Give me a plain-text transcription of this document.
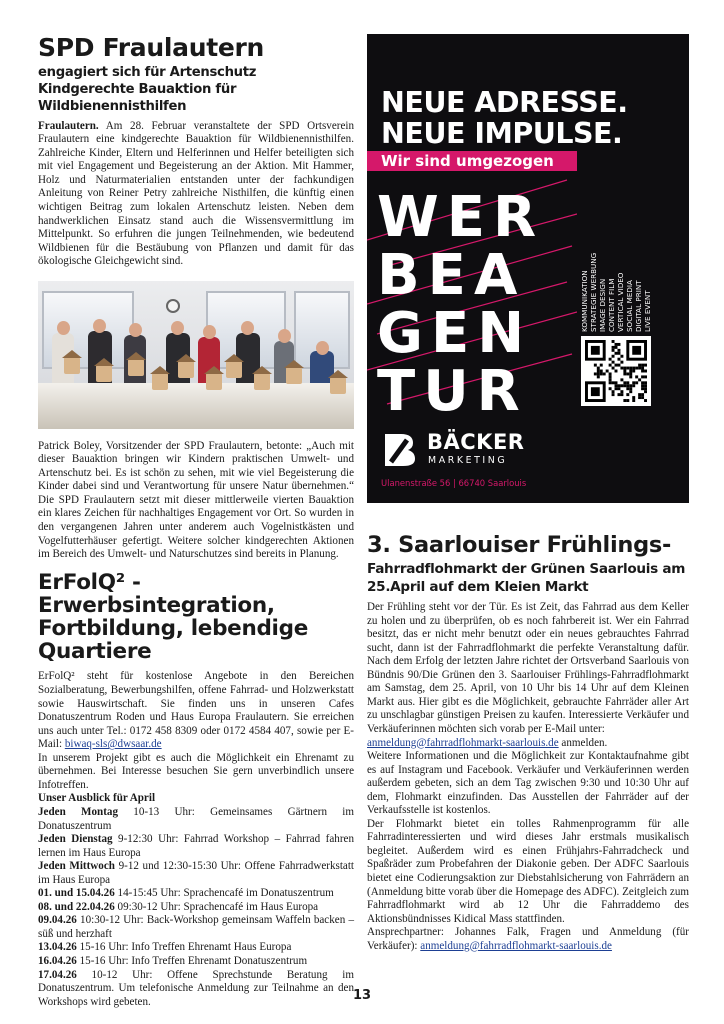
SPD Fraulautern
engagiert sich für Artenschutz
Kindgerechte Bauaktion für Wildbienennisthilfen
Fraulautern. Am 28. Februar veranstaltete der SPD Ortsverein Fraulautern eine kindgerechte Bauaktion für Wildbienennisthilfen. Zahlreiche Kinder, Eltern und Helferinnen und Helfer beteiligten sich mit viel Engagement und Begeisterung an der Aktion. Mit Hammer, Holz und Naturmaterialien entstanden unter der fachkundigen Anleitung von Reiner Petry zahlreiche Nisthilfen, die künftig einen wichtigen Beitrag zum lokalen Artenschutz leisten. Neben dem handwerklichen Einsatz stand auch die Wissensvermittlung im Mittelpunkt. So erfuhren die jungen Teilnehmenden, wie bedeutend Wildbienen für die Bestäubung von Pflanzen und damit für das ökologische Gleichgewicht sind.
Patrick Boley, Vorsitzender der SPD Fraulautern, betonte: „Auch mit dieser Bauaktion bringen wir Kindern praktischen Umwelt- und Artenschutz bei. Es ist schön zu sehen, mit wie viel Begeisterung die Kinder dabei sind und Verantwortung für unsere Natur übernehmen.“ Die SPD Fraulautern setzt mit dieser mittlerweile vierten Bauaktion ein klares Zeichen für nachhaltiges Engagement vor Ort. So wurden in den vergangenen Jahren unter anderem auch Vogelnistkästen und Vogelfutterhäuser gefertigt. Weitere solcher kindgerechten Aktionen im Bereich des Umwelt- und Naturschutzes sind bereits in Planung.
ErFolQ² - Erwerbsintegration,
Fortbildung, lebendige Quartiere

ErFolQ² steht für kostenlose Angebote in den Bereichen Sozialberatung, Bewerbungshilfen, offene Fahrrad- und Holzwerkstatt sowie Hauswirtschaft. Sie finden uns in unseren Cafes Donatuszentrum Roden und Haus Europa Fraulautern. Sie erreichen uns auch unter Tel.: 0172 458 8309 oder 0172 4584 407, sowie per E-Mail: biwaq-sls@dwsaar.de

In unserem Projekt gibt es auch die Möglichkeit ein Ehrenamt zu übernehmen. Bei Interesse besuchen Sie gern unverbindlich unsere Infotreffen.

Unser Ausblick für April

Jeden Montag 10-13 Uhr: Gemeinsames Gärtnern im Donatuszentrum

Jeden Dienstag 9-12:30 Uhr: Fahrrad Workshop – Fahrrad fahren lernen im Haus Europa

Jeden Mittwoch 9-12 und 12:30-15:30 Uhr: Offene Fahrradwerkstatt im Haus Europa

01. und 15.04.26 14-15:45 Uhr: Sprachencafé im Donatuszentrum

08. und 22.04.26 09:30-12 Uhr: Sprachencafé im Haus Europa

09.04.26 10:30-12 Uhr: Back-Workshop gemeinsam Waffeln backen – süß und herzhaft

13.04.26 15-16 Uhr: Info Treffen Ehrenamt Haus Europa

16.04.26 15-16 Uhr: Info Treffen Ehrenamt Donatuszentrum

17.04.26 10-12 Uhr: Offene Sprechstunde Beratung im Donatuszentrum. Um telefonische Anmeldung zur Teilnahme an den Workshops wird gebeten.

NEUE ADRESSE.
NEUE IMPULSE.
Wir sind umgezogen
WER
BEA
GEN
TUR
KOMMUNIKATION STRATEGIE WERBUNG IMAGE DESIGN CONTENT FILM VERTICAL VIDEO SOCIAL MEDIA DIGITAL PRINT LIVE EVENT
BÄCKER
MARKETING
Ulanenstraße 56 | 66740 Saarlouis
3. Saarlouiser Frühlings-
Fahrradflohmarkt der Grünen Saarlouis am 25.April auf dem Kleien Markt

Der Frühling steht vor der Tür. Es ist Zeit, das Fahrrad aus dem Keller zu holen und zu überprüfen, ob es noch fahrbereit ist. Wer ein Fahrrad besitzt, das er nicht mehr benutzt oder ein neues gebrauchtes Fahrrad sucht, dann ist der Fahrradflohmarkt die perfekte Veranstaltung dafür. Nach dem Erfolg der letzten Jahre richtet der Ortsverband Saarlouis von Bündnis 90/Die Grünen den 3. Saarlouiser Frühlings-Fahrradflohmarkt am Samstag, dem 25. April, von 10 Uhr bis 14 Uhr auf dem Kleinen Markt aus. Hier gibt es die Möglichkeit, gebrauchte Fahrräder aller Art zu unschlagbar günstigen Preisen zu kaufen. Interessierte Verkäufer und Verkäuferinnen möchten sich vorab per E-Mail unter:

anmeldung@fahrradflohmarkt-saarlouis.de anmelden.

Weitere Informationen und die Möglichkeit zur Kontaktaufnahme gibt es auf Instagram und Facebook. Verkäufer und Verkäuferinnen werden außerdem gebeten, sich an dem Tag zwischen 9:30 und 10:30 Uhr auf dem, Flohmarkt einzufinden. Das Ausstellen der Fahrräder auf der Verkaufsstelle ist kostenlos.

Der Flohmarkt bietet ein tolles Rahmenprogramm für alle Fahrradinteressierten und wird dieses Jahr erstmals musikalisch begleitet. Außerdem wird es einen Frühjahrs-Fahrradcheck und Spaßräder zum Probefahren der Diakonie geben. Der ADFC Saarlouis bietet eine Codierungsaktion zur Diebstahlsicherung von Fahrrädern an (Anmeldung bitte vorab über die Homepage des ADFC). Zeitgleich zum Fahrradflohmarkt wird ab 12 Uhr die Fahrraddemo des Aktionsbündnisses Kidical Mass stattfinden.

Ansprechpartner: Johannes Falk, Fragen und Anmeldung (für Verkäufer): anmeldung@fahrradflohmarkt-saarlouis.de

13
